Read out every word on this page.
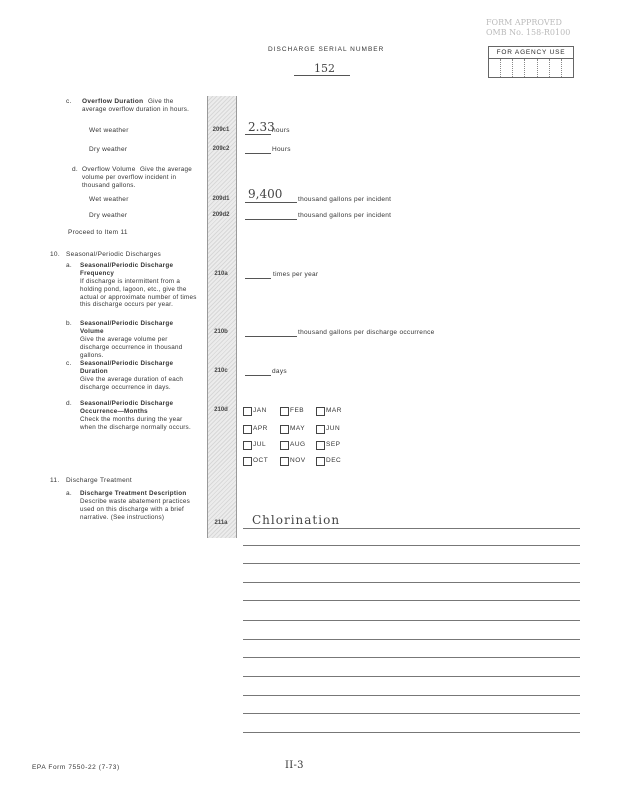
FORM APPROVED
OMB No. 158-R0100
DISCHARGE SERIAL NUMBER
152
FOR AGENCY USE
c. Overflow Duration Give the average overflow duration in hours.
Wet weather	209c1	2.33
hours
Dry weather	209c2	Hours
d. Overflow Volume Give the average volume per overflow incident in thousand gallons.
Wet weather	209d1 9,400 thousand gallons per incident
Dry weather	209d2	thousand gallons per incident
Proceed to Item 11
10. Seasonal/Periodic Discharges
a. Seasonal/Periodic Discharge Frequency
If discharge is intermittent from a holding pond, lagoon, etc., give the actual or approximate number of times this discharge occurs per year.
210a	times per year
b. Seasonal/Periodic Discharge Volume
Give the average volume per discharge occurrence in thousand gallons.
210b	thousand gallons per discharge occurrence
c. Seasonal/Periodic Discharge Duration
Give the average duration of each discharge occurrence in days.
210c	days
d. Seasonal/Periodic Discharge Occurrence—Months
Check the months during the year when the discharge normally occurs.
210d	JAN	FEB	MAR
APR	MAY	JUN
JUL	AUG	SEP
OCT	NOV	DEC
11. Discharge Treatment
a. Discharge Treatment Description
Describe waste abatement practices used on this discharge with a brief narrative. (See instructions)
211a	Chlorination
EPA Form 7550-22 (7-73)	II-3
